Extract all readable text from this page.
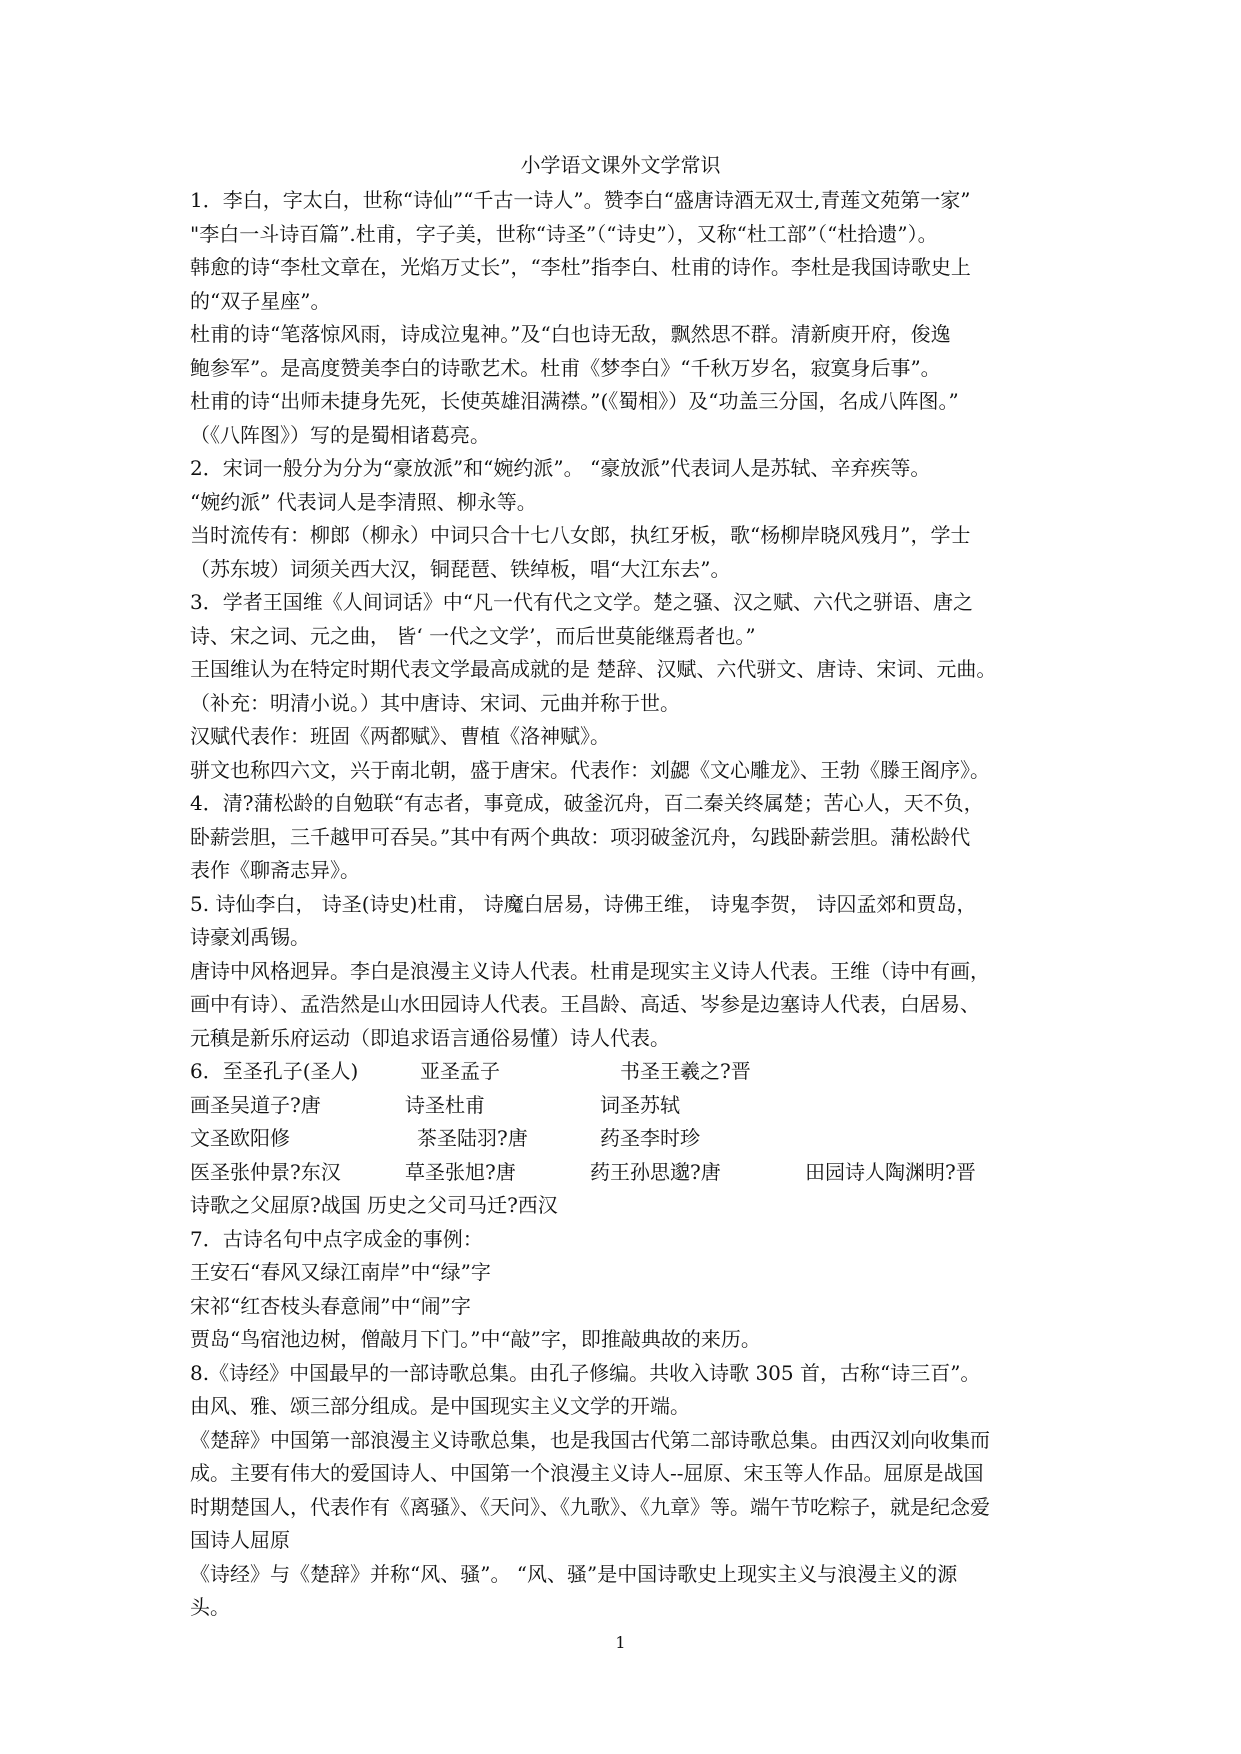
小学语文课外文学常识

1．李白，字太白，世称“诗仙”“千古一诗人”。赞李白“盛唐诗酒无双士,青莲文苑第一家”

"李白一斗诗百篇”.杜甫，字子美，世称“诗圣”（“诗史”），又称“杜工部”（“杜拾遗”）。

韩愈的诗“李杜文章在，光焰万丈长”，“李杜”指李白、杜甫的诗作。李杜是我国诗歌史上

的“双子星座”。

杜甫的诗“笔落惊风雨，诗成泣鬼神。”及“白也诗无敌，飘然思不群。清新庾开府，俊逸

鲍参军”。是高度赞美李白的诗歌艺术。杜甫《梦李白》“千秋万岁名，寂寞身后事”。

杜甫的诗“出师未捷身先死，长使英雄泪满襟。”(《蜀相》）及“功盖三分国，名成八阵图。”

（《八阵图》）写的是蜀相诸葛亮。

2．宋词一般分为分为“豪放派”和“婉约派”。 “豪放派”代表词人是苏轼、辛弃疾等。

“婉约派” 代表词人是李清照、柳永等。

当时流传有：柳郎（柳永）中词只合十七八女郎，执红牙板，歌“杨柳岸晓风残月”，学士

（苏东坡）词须关西大汉，铜琵琶、铁绰板，唱“大江东去”。

3．学者王国维《人间词话》中“凡一代有代之文学。楚之骚、汉之赋、六代之骈语、唐之

诗、宋之词、元之曲， 皆‘ 一代之文学’，而后世莫能继焉者也。”

王国维认为在特定时期代表文学最高成就的是 楚辞、汉赋、六代骈文、唐诗、宋词、元曲。

（补充：明清小说。）其中唐诗、宋词、元曲并称于世。

汉赋代表作：班固《两都赋》、曹植《洛神赋》。

骈文也称四六文，兴于南北朝，盛于唐宋。代表作：刘勰《文心雕龙》、王勃《滕王阁序》。

4．清?蒲松龄的自勉联“有志者，事竟成，破釜沉舟，百二秦关终属楚；苦心人，天不负，

卧薪尝胆，三千越甲可吞吴。”其中有两个典故：项羽破釜沉舟，勾践卧薪尝胆。蒲松龄代

表作《聊斋志异》。

5. 诗仙李白， 诗圣(诗史)杜甫， 诗魔白居易，诗佛王维， 诗鬼李贺， 诗囚孟郊和贾岛，

诗豪刘禹锡。

唐诗中风格迥异。李白是浪漫主义诗人代表。杜甫是现实主义诗人代表。王维（诗中有画，

画中有诗）、孟浩然是山水田园诗人代表。王昌龄、高适、岑参是边塞诗人代表，白居易、

元稹是新乐府运动（即追求语言通俗易懂）诗人代表。

6．至圣孔子(圣人)	亚圣孟子	书圣王羲之?晋
画圣吴道子?唐	诗圣杜甫	词圣苏轼
文圣欧阳修	茶圣陆羽?唐	药圣李时珍
医圣张仲景?东汉	草圣张旭?唐	药王孙思邈?唐	田园诗人陶渊明?晋
诗歌之父屈原?战国 历史之父司马迁?西汉

7．古诗名句中点字成金的事例：

王安石“春风又绿江南岸”中“绿”字

宋祁“红杏枝头春意闹”中“闹”字

贾岛“鸟宿池边树，僧敲月下门。”中“敲”字，即推敲典故的来历。

8.《诗经》中国最早的一部诗歌总集。由孔子修编。共收入诗歌 305 首，古称“诗三百”。

由风、雅、颂三部分组成。是中国现实主义文学的开端。

《楚辞》中国第一部浪漫主义诗歌总集，也是我国古代第二部诗歌总集。由西汉刘向收集而

成。主要有伟大的爱国诗人、中国第一个浪漫主义诗人--屈原、宋玉等人作品。屈原是战国

时期楚国人，代表作有《离骚》、《天问》、《九歌》、《九章》等。端午节吃粽子，就是纪念爱

国诗人屈原

《诗经》与《楚辞》并称“风、骚”。 “风、骚”是中国诗歌史上现实主义与浪漫主义的源

头。

1
